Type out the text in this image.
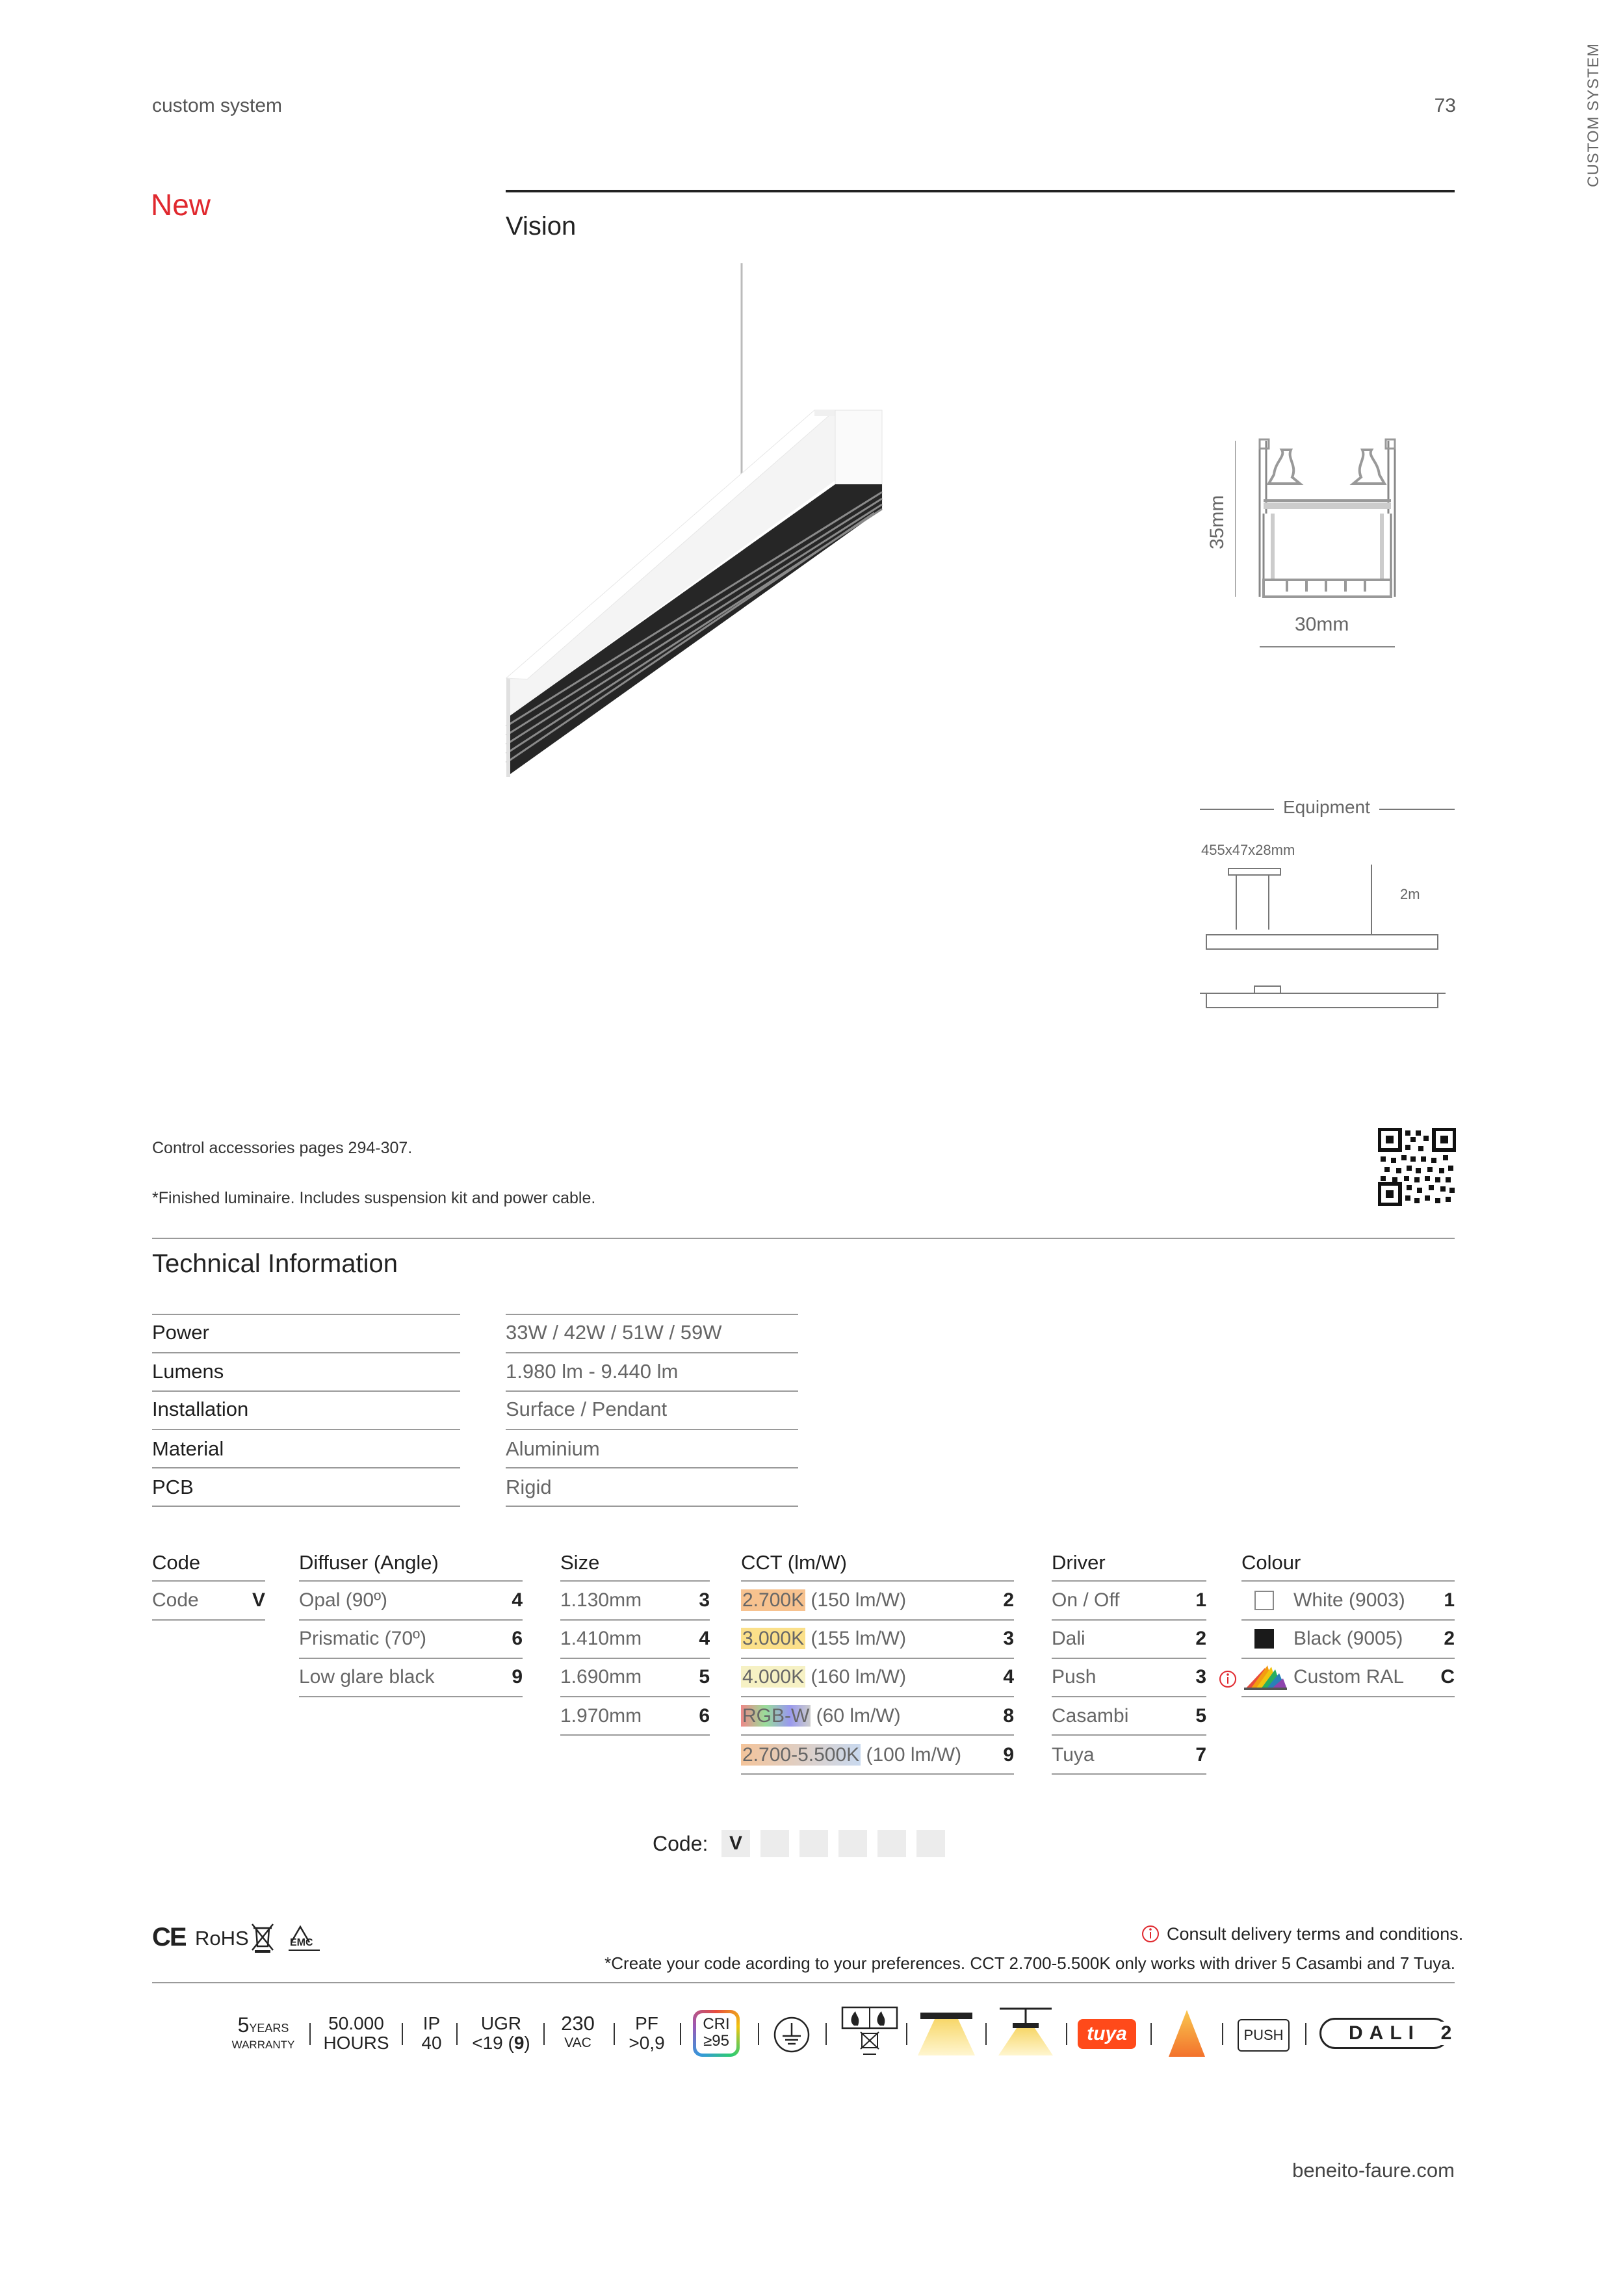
custom system	73	CUSTOM SYSTEM
New
Vision
35mm
30mm
Equipment
455x47x28mm
2m
Control accessories pages 294-307.
*Finished luminaire. Includes suspension kit and power cable.
Technical Information
Power	33W / 42W / 51W / 59W
Lumens	1.980 lm - 9.440 lm
Installation	Surface / Pendant
Material	Aluminium
PCB	Rigid
Code
Code	V
Diffuser (Angle)
Opal (90º)	4
Prismatic (70º)	6
Low glare black	9
Size
1.130mm	3
1.410mm	4
1.690mm	5
1.970mm	6
CCT (lm/W)
2.700K (150 lm/W)	2
3.000K (155 lm/W)	3
4.000K (160 lm/W)	4
RGB-W (60 lm/W)	8
2.700-5.500K (100 lm/W)	9
Driver
On / Off	1
Dali	2
Push	3
Casambi	5
Tuya	7
Colour
White (9003)	1
Black (9005)	2
Custom RAL	C
Code:	V
CE RoHS	EMC	Consult delivery terms and conditions.
*Create your code acording to your preferences. CCT 2.700-5.500K only works with driver 5 Casambi and 7 Tuya.
5YEARS
WARRANTY
50.000
HOURS
IP
40
UGR
<19 (9)
230
VAC
PF
>0,9
CRI
≥95	tuya	PUSH	DALI	2
beneito-faure.com
